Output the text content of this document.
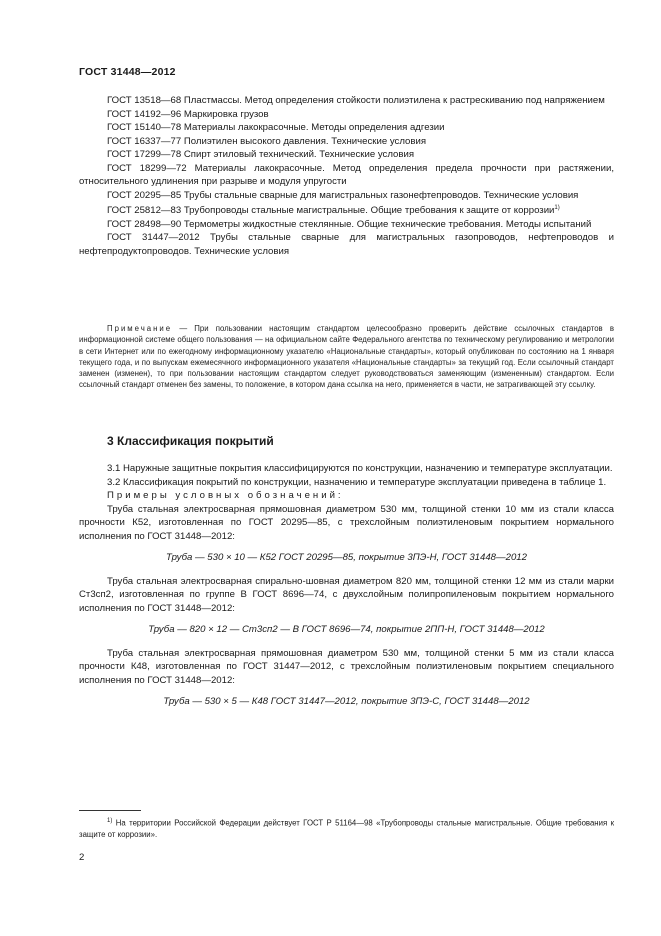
ГОСТ 31448—2012

ГОСТ 13518—68 Пластмассы. Метод определения стойкости полиэтилена к растрескиванию под напряжением

ГОСТ 14192—96 Маркировка грузов

ГОСТ 15140—78 Материалы лакокрасочные. Методы определения адгезии

ГОСТ 16337—77 Полиэтилен высокого давления. Технические условия

ГОСТ 17299—78 Спирт этиловый технический. Технические условия

ГОСТ 18299—72 Материалы лакокрасочные. Метод определения предела прочности при растяжении, относительного удлинения при разрыве и модуля упругости

ГОСТ 20295—85 Трубы стальные сварные для магистральных газонефтепроводов. Технические условия

ГОСТ 25812—83 Трубопроводы стальные магистральные. Общие требования к защите от коррозии$^{1)}$

ГОСТ 28498—90 Термометры жидкостные стеклянные. Общие технические требования. Методы испытаний

ГОСТ 31447—2012 Трубы стальные сварные для магистральных газопроводов, нефтепроводов и нефтепродуктопроводов. Технические условия

Примечание — При пользовании настоящим стандартом целесообразно проверить действие ссылочных стандартов в информационной системе общего пользования — на официальном сайте Федерального агентства по техническому регулированию и метрологии в сети Интернет или по ежегодному информационному указателю «Национальные стандарты», который опубликован по состоянию на 1 января текущего года, и по выпускам ежемесячного информационного указателя «Национальные стандарты» за текущий год. Если ссылочный стандарт заменен (изменен), то при пользовании настоящим стандартом следует руководствоваться заменяющим (измененным) стандартом. Если ссылочный стандарт отменен без замены, то положение, в котором дана ссылка на него, применяется в части, не затрагивающей эту ссылку.
3 Классификация покрытий

3.1 Наружные защитные покрытия классифицируются по конструкции, назначению и температуре эксплуатации.

3.2 Классификация покрытий по конструкции, назначению и температуре эксплуатации приведена в таблице 1.

Примеры условных обозначений:

Труба стальная электросварная прямошовная диаметром 530 мм, толщиной стенки 10 мм из стали класса прочности К52, изготовленная по ГОСТ 20295—85, с трехслойным полиэтиленовым покрытием нормального исполнения по ГОСТ 31448—2012:

Труба — 530 × 10 — К52 ГОСТ 20295—85, покрытие 3ПЭ-Н, ГОСТ 31448—2012

Труба стальная электросварная спирально-шовная диаметром 820 мм, толщиной стенки 12 мм из стали марки Ст3сп2, изготовленная по группе В ГОСТ 8696—74, с двухслойным полипропиленовым покрытием нормального исполнения по ГОСТ 31448—2012:

Труба — 820 × 12 — Ст3сп2 — В ГОСТ 8696—74, покрытие 2ПП-Н, ГОСТ 31448—2012

Труба стальная электросварная прямошовная диаметром 530 мм, толщиной стенки 5 мм из стали класса прочности К48, изготовленная по ГОСТ 31447—2012, с трехслойным полиэтиленовым покрытием специального исполнения по ГОСТ 31448—2012:

Труба — 530 × 5 — К48 ГОСТ 31447—2012, покрытие 3ПЭ-С, ГОСТ 31448—2012

$^{1)}$ На территории Российской Федерации действует ГОСТ Р 51164—98 «Трубопроводы стальные магистральные. Общие требования к защите от коррозии».
2
